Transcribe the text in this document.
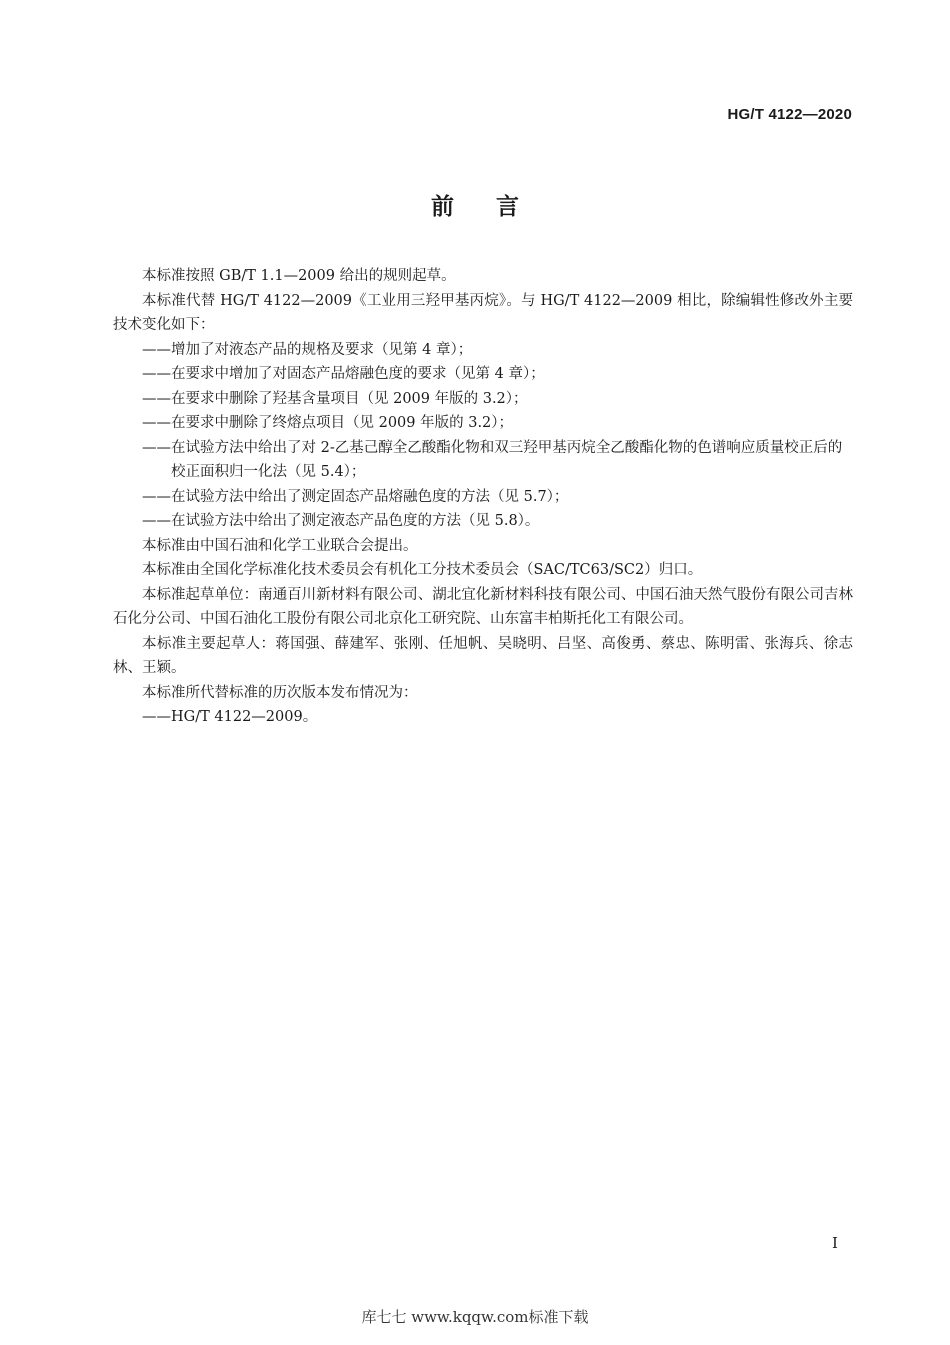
HG/T 4122—2020
前言

本标准按照 GB/T 1.1—2009 给出的规则起草。

本标准代替 HG/T 4122—2009《工业用三羟甲基丙烷》。与 HG/T 4122—2009 相比，除编辑性修改外主要技术变化如下：

——增加了对液态产品的规格及要求（见第 4 章）；

——在要求中增加了对固态产品熔融色度的要求（见第 4 章）；

——在要求中删除了羟基含量项目（见 2009 年版的 3.2）；

——在要求中删除了终熔点项目（见 2009 年版的 3.2）；

——在试验方法中给出了对 2-乙基己醇全乙酸酯化物和双三羟甲基丙烷全乙酸酯化物的色谱响应质量校正后的校正面积归一化法（见 5.4）；

——在试验方法中给出了测定固态产品熔融色度的方法（见 5.7）；

——在试验方法中给出了测定液态产品色度的方法（见 5.8）。

本标准由中国石油和化学工业联合会提出。

本标准由全国化学标准化技术委员会有机化工分技术委员会（SAC/TC63/SC2）归口。

本标准起草单位：南通百川新材料有限公司、湖北宜化新材料科技有限公司、中国石油天然气股份有限公司吉林石化分公司、中国石油化工股份有限公司北京化工研究院、山东富丰柏斯托化工有限公司。

本标准主要起草人：蒋国强、薛建军、张刚、任旭帆、吴晓明、吕坚、高俊勇、蔡忠、陈明雷、张海兵、徐志林、王颖。

本标准所代替标准的历次版本发布情况为：

——HG/T 4122—2009。

I
库七七 www.kqqw.com标准下载
